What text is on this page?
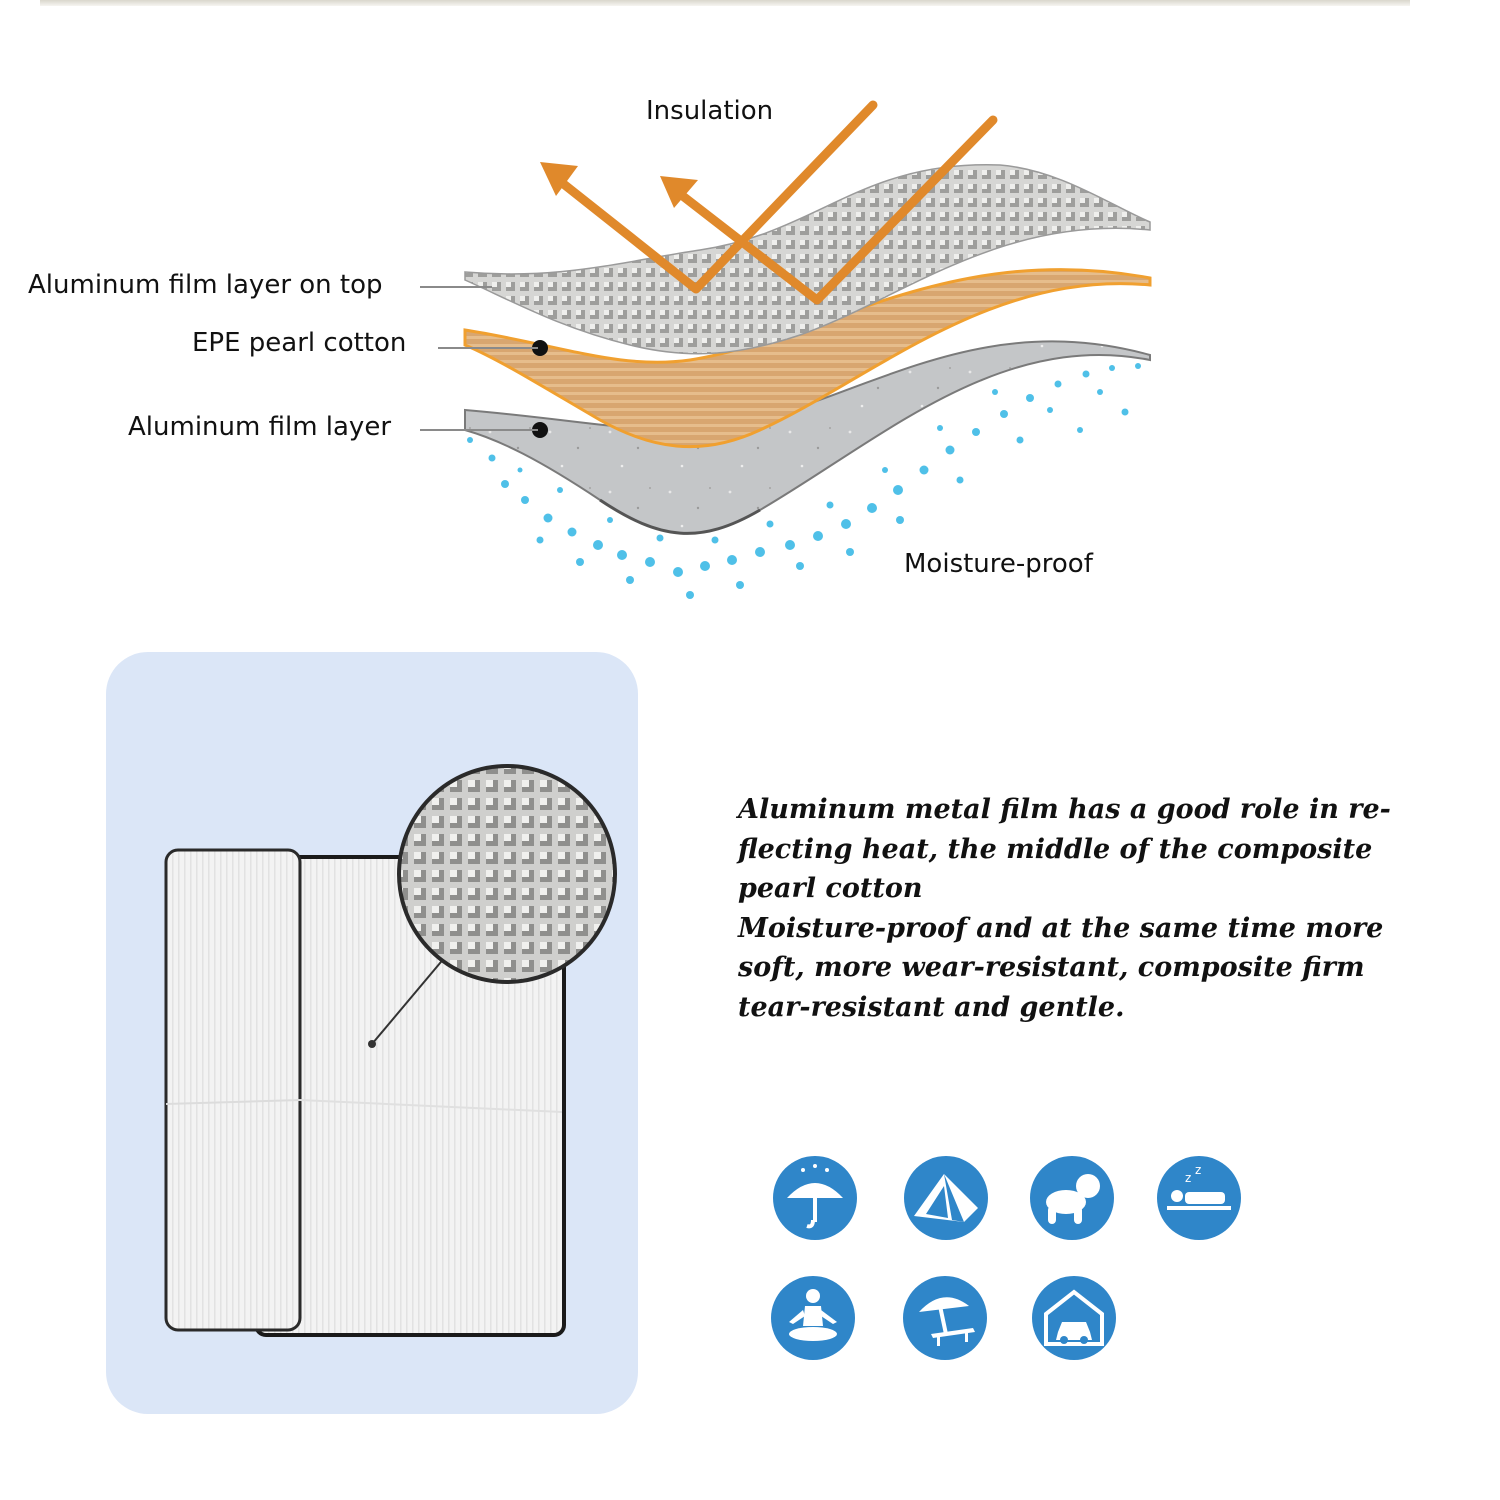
Insulation
Aluminum film layer on top
EPE pearl cotton
Aluminum film layer
Moisture-proof
Aluminum metal film has a good role in re-
flecting heat, the middle of the composite
pearl cotton
Moisture-proof and at the same time more
soft, more wear-resistant, composite firm
tear-resistant and gentle.
z
z
